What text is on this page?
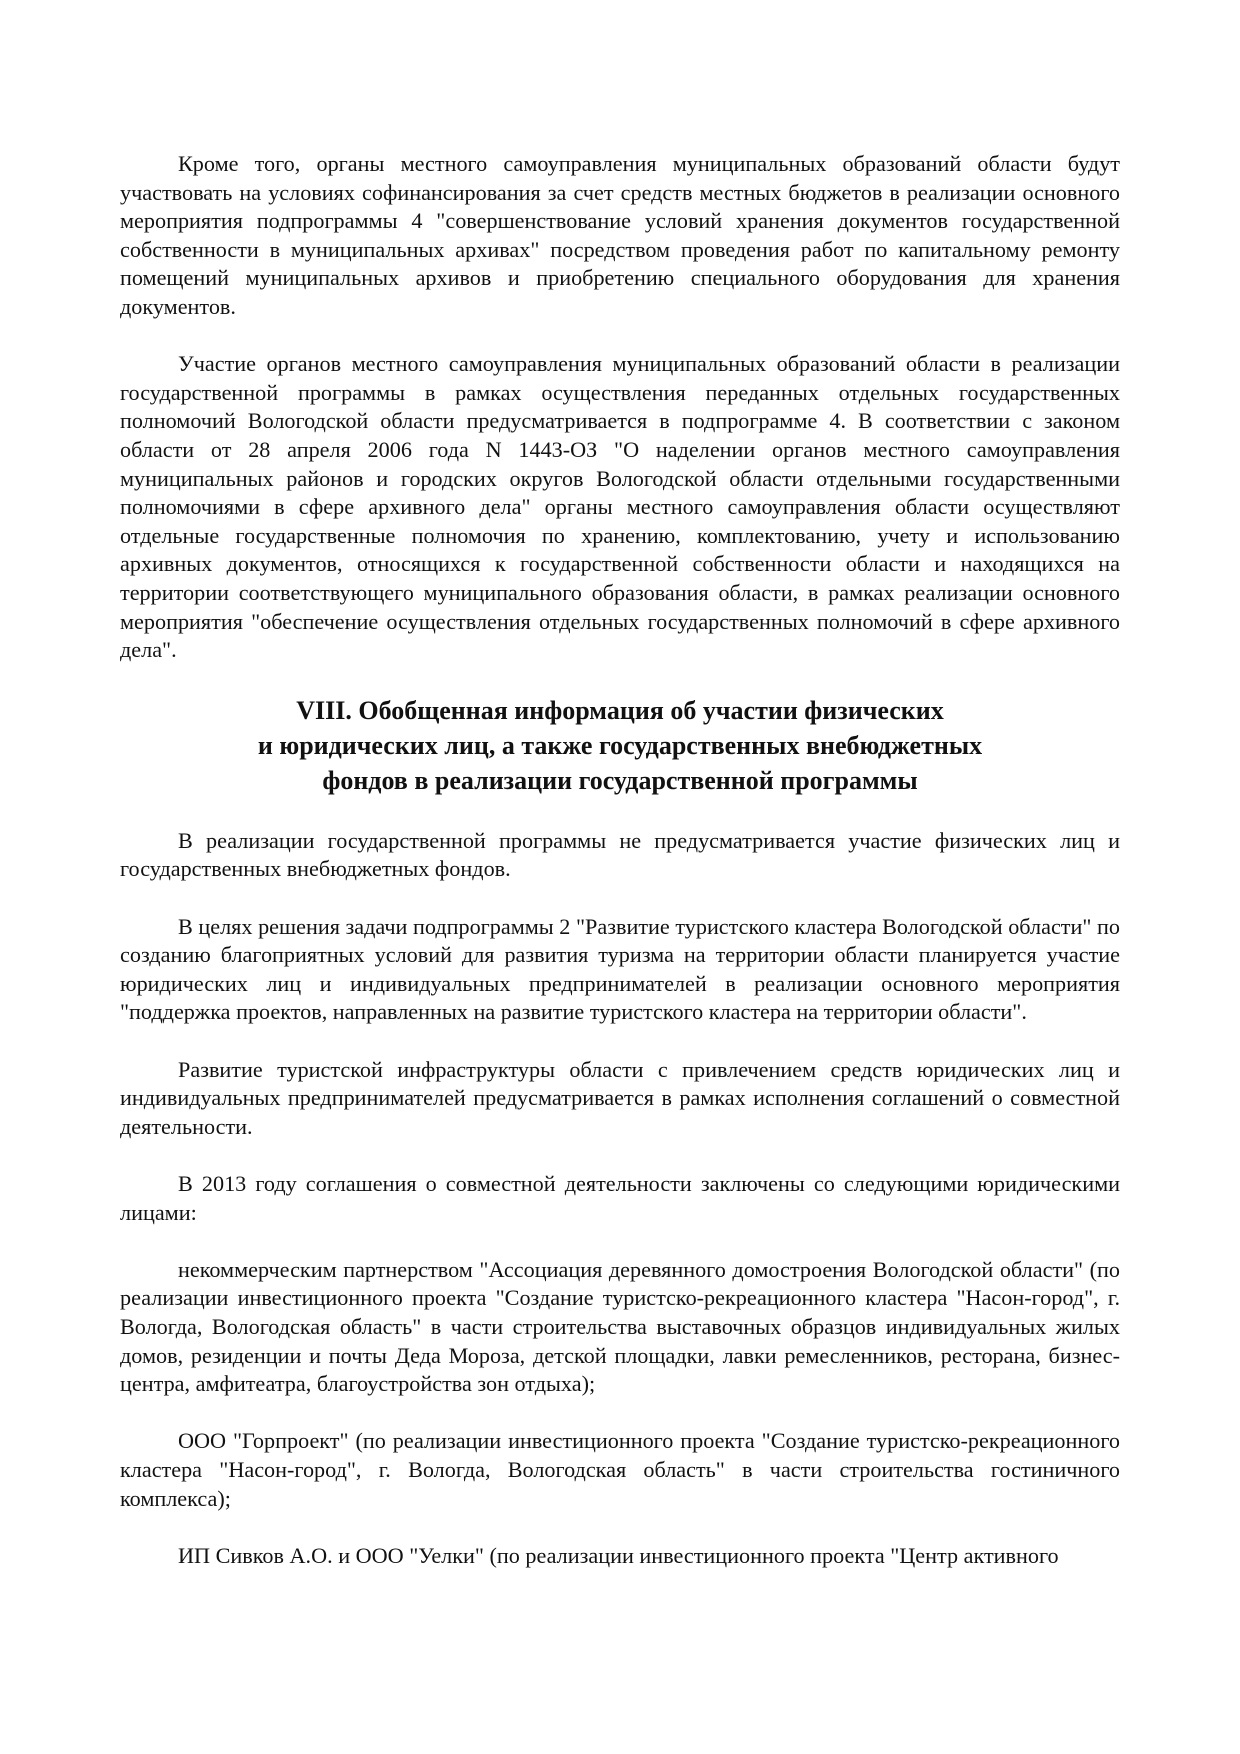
Кроме того, органы местного самоуправления муниципальных образований области будут участвовать на условиях софинансирования за счет средств местных бюджетов в реализации основного мероприятия подпрограммы 4 "совершенствование условий хранения документов государственной собственности в муниципальных архивах" посредством проведения работ по капитальному ремонту помещений муниципальных архивов и приобретению специального оборудования для хранения документов.

Участие органов местного самоуправления муниципальных образований области в реализации государственной программы в рамках осуществления переданных отдельных государственных полномочий Вологодской области предусматривается в подпрограмме 4. В соответствии с законом области от 28 апреля 2006 года N 1443-ОЗ "О наделении органов местного самоуправления муниципальных районов и городских округов Вологодской области отдельными государственными полномочиями в сфере архивного дела" органы местного самоуправления области осуществляют отдельные государственные полномочия по хранению, комплектованию, учету и использованию архивных документов, относящихся к государственной собственности области и находящихся на территории соответствующего муниципального образования области, в рамках реализации основного мероприятия "обеспечение осуществления отдельных государственных полномочий в сфере архивного дела".

VIII. Обобщенная информация об участии физических
и юридических лиц, а также государственных внебюджетных
фондов в реализации государственной программы

В реализации государственной программы не предусматривается участие физических лиц и государственных внебюджетных фондов.

В целях решения задачи подпрограммы 2 "Развитие туристского кластера Вологодской области" по созданию благоприятных условий для развития туризма на территории области планируется участие юридических лиц и индивидуальных предпринимателей в реализации основного мероприятия "поддержка проектов, направленных на развитие туристского кластера на территории области".

Развитие туристской инфраструктуры области с привлечением средств юридических лиц и индивидуальных предпринимателей предусматривается в рамках исполнения соглашений о совместной деятельности.

В 2013 году соглашения о совместной деятельности заключены со следующими юридическими лицами:

некоммерческим партнерством "Ассоциация деревянного домостроения Вологодской области" (по реализации инвестиционного проекта "Создание туристско-рекреационного кластера "Насон-город", г. Вологда, Вологодская область" в части строительства выставочных образцов индивидуальных жилых домов, резиденции и почты Деда Мороза, детской площадки, лавки ремесленников, ресторана, бизнес-центра, амфитеатра, благоустройства зон отдыха);

ООО "Горпроект" (по реализации инвестиционного проекта "Создание туристско-рекреационного кластера "Насон-город", г. Вологда, Вологодская область" в части строительства гостиничного комплекса);

ИП Сивков А.О. и ООО "Уелки" (по реализации инвестиционного проекта "Центр активного
